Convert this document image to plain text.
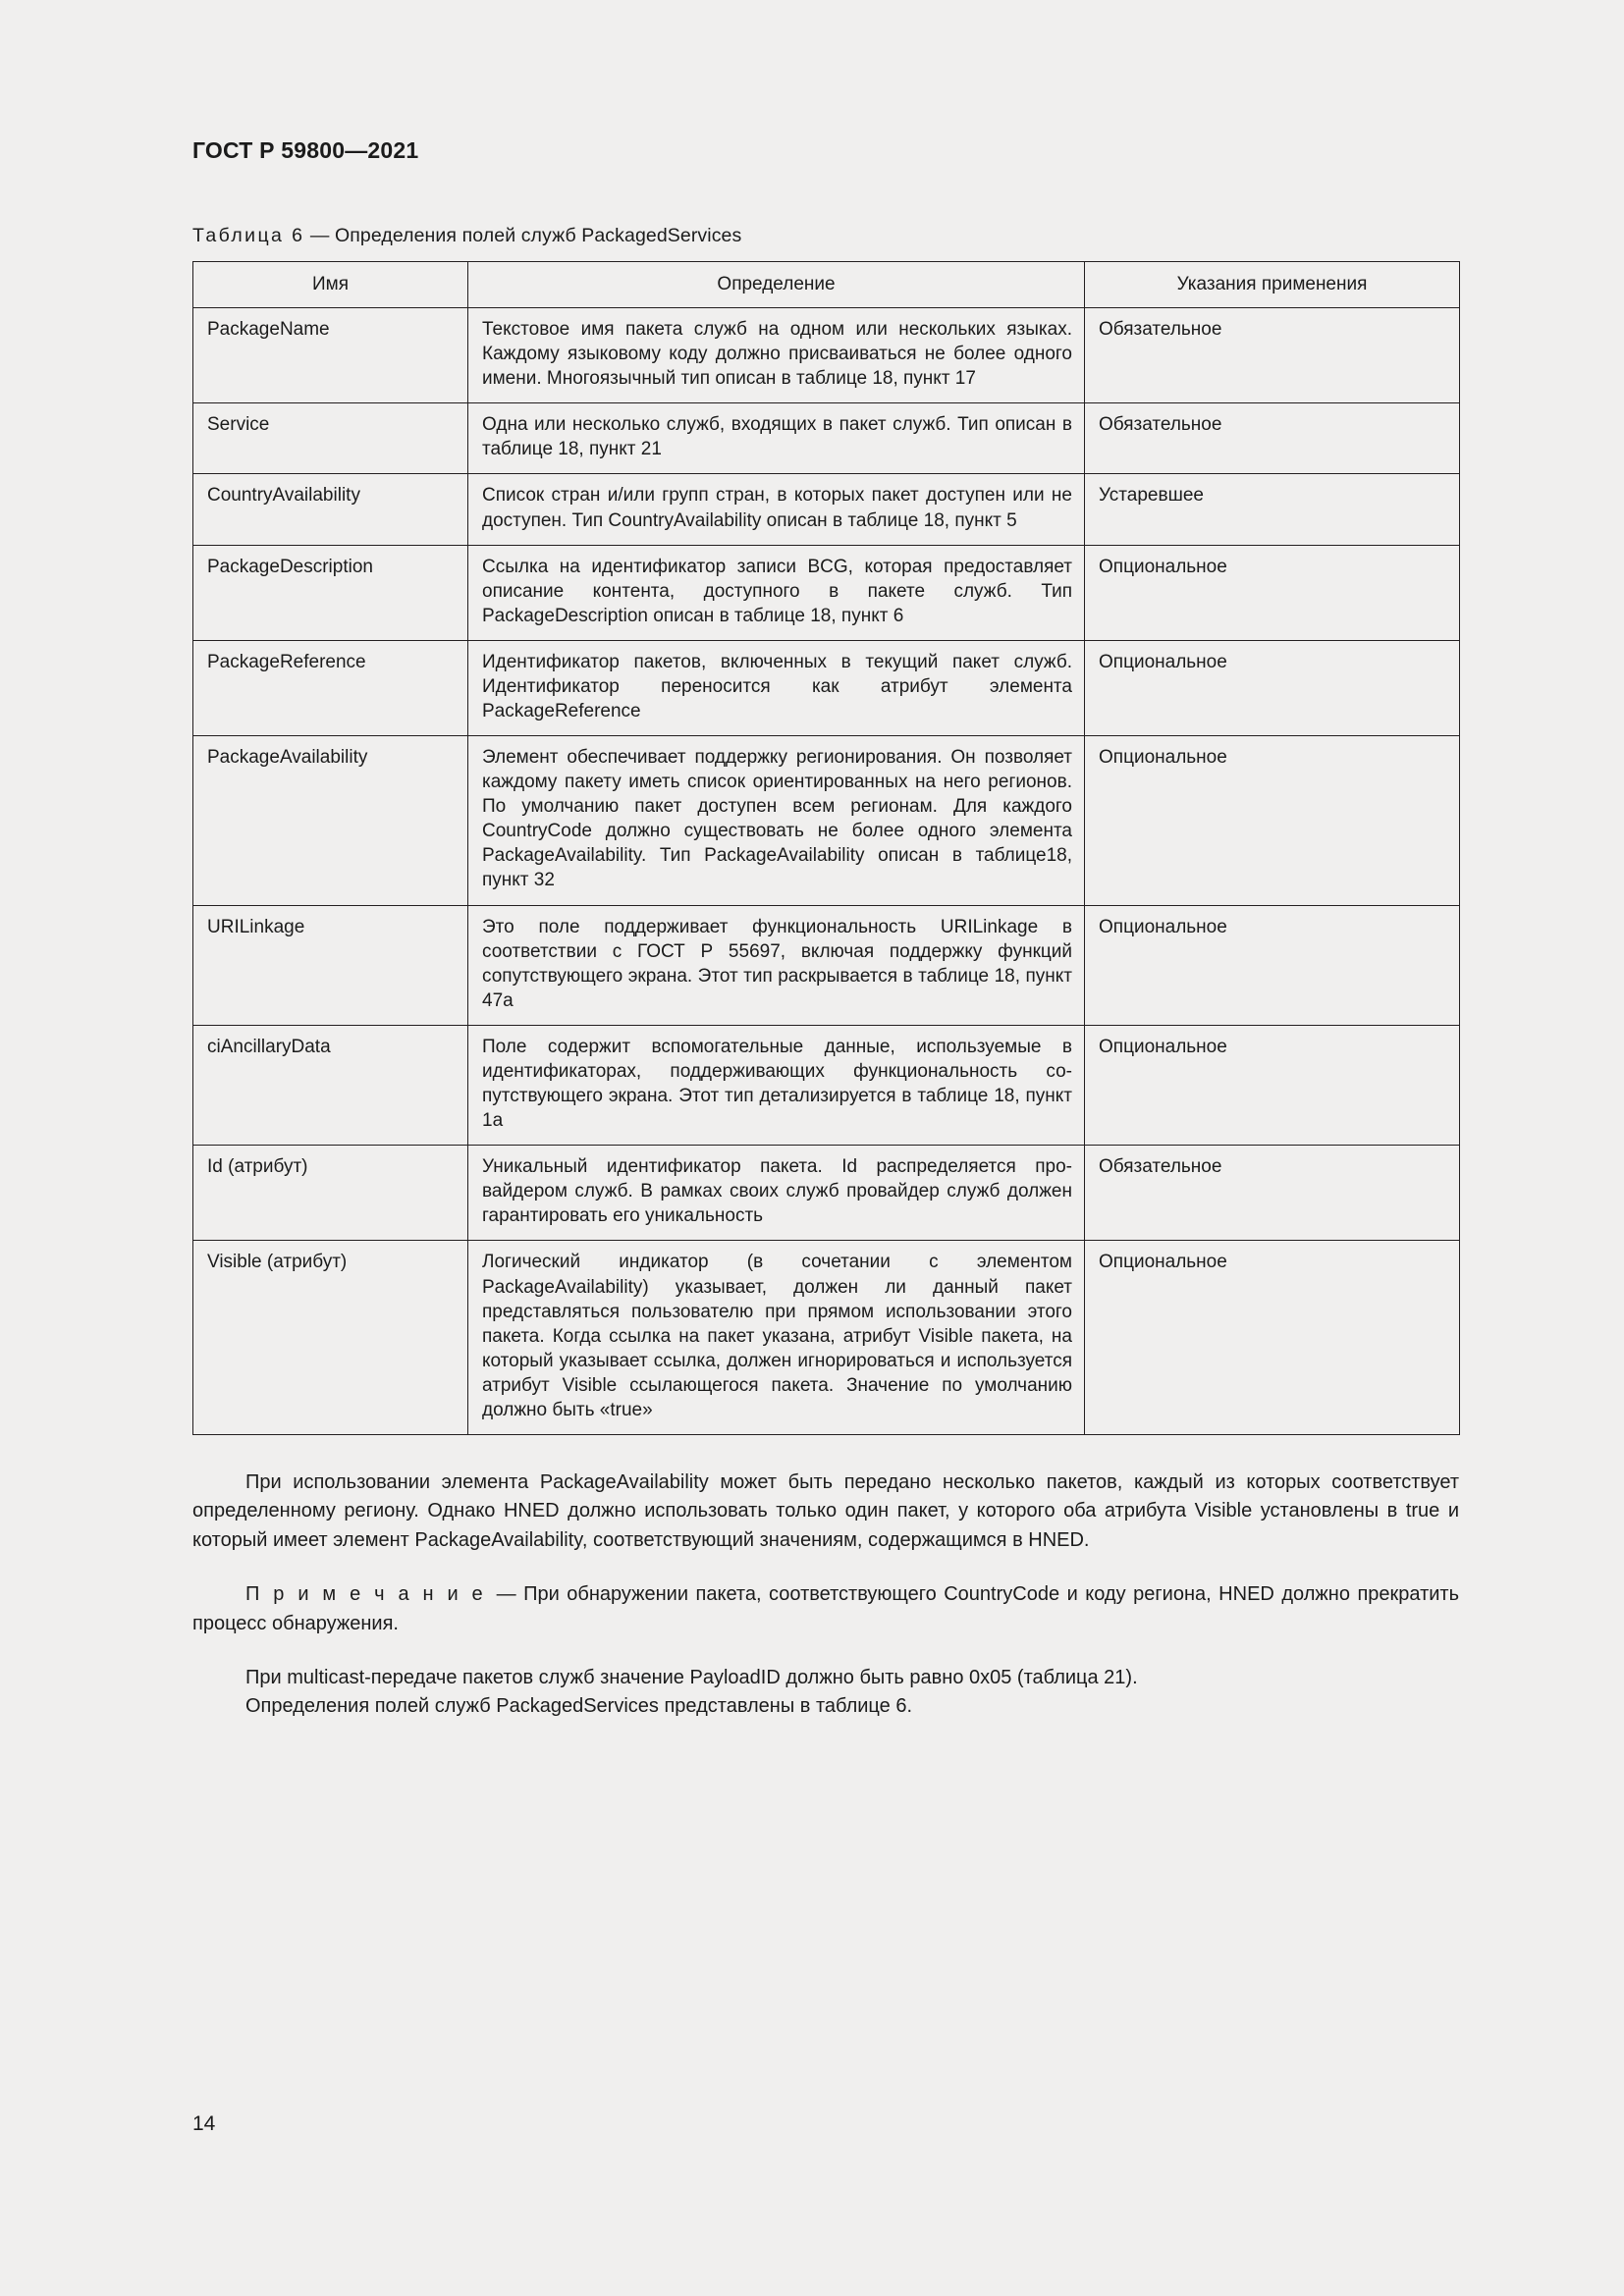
ГОСТ Р 59800—2021
Таблица 6 — Определения полей служб PackagedServices
Имя	Определение	Указания применения
PackageName	Текстовое имя пакета служб на одном или нескольких языках. Каждому языковому коду должно присваиваться не более одного имени. Многоязычный тип описан в таблице 18, пункт 17	Обязательное
Service	Одна или несколько служб, входящих в пакет служб. Тип описан в таблице 18, пункт 21	Обязательное
CountryAvailability	Список стран и/или групп стран, в которых пакет доступен или не доступен. Тип CountryAvailability описан в таблице 18, пункт 5	Устаревшее
PackageDescription	Ссылка на идентификатор записи BCG, которая предоставляет описание контента, доступного в пакете служб. Тип PackageDescription описан в таблице 18, пункт 6	Опциональное
PackageReference	Идентификатор пакетов, включенных в текущий пакет служб. Идентификатор переносится как атрибут элемента PackageReference	Опциональное
PackageAvailability	Элемент обеспечивает поддержку регионирования. Он позволяет каждому пакету иметь список ориентированных на него регионов. По умолчанию пакет доступен всем регионам. Для каждого CountryCode должно существовать не более одного элемента PackageAvailability. Тип PackageAvailability описан в таблице18, пункт 32	Опциональное
URILinkage	Это поле поддерживает функциональность URILinkage в соответствии с ГОСТ Р 55697, включая поддержку функций сопутствующего экрана. Этот тип раскрывается в таблице 18, пункт 47а	Опциональное
ciAncillaryData	Поле содержит вспомогательные данные, используемые в идентификаторах, поддерживающих функциональность сопутствующего экрана. Этот тип детализируется в таблице 18, пункт 1а	Опциональное
Id (атрибут)	Уникальный идентификатор пакета. Id распределяется провайдером служб. В рамках своих служб провайдер служб должен гарантировать его уникальность	Обязательное
Visible (атрибут)	Логический индикатор (в сочетании с элементом PackageAvailability) указывает, должен ли данный пакет представляться пользователю при прямом использовании этого пакета. Когда ссылка на пакет указана, атрибут Visible пакета, на который указывает ссылка, должен игнорироваться и используется атрибут Visible ссылающегося пакета. Значение по умолчанию должно быть «true»	Опциональное

При использовании элемента PackageAvailability может быть передано несколько пакетов, каждый из которых соответствует определенному региону. Однако HNED должно использовать только один пакет, у которого оба атрибута Visible установлены в true и который имеет элемент PackageAvailability, соответствующий значениям, содержащимся в HNED.

П р и м е ч а н и е — При обнаружении пакета, соответствующего CountryCode и коду региона, HNED должно прекратить процесс обнаружения.

При multicast-передаче пакетов служб значение PayloadID должно быть равно 0x05 (таблица 21).

Определения полей служб PackagedServices представлены в таблице 6.

14
